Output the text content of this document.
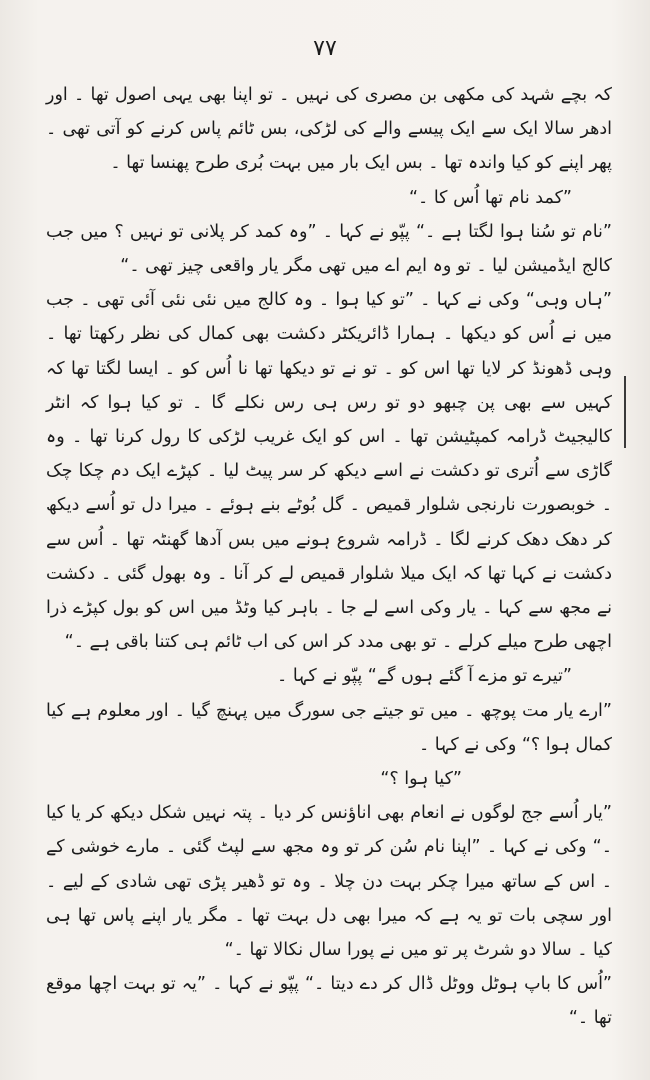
٧٧

کہ بچے شہد کی مکھی بن مصری کی نہیں ۔ تو اپنا بھی یہی اصول تھا ۔ اور ادھر سالا ایک سے ایک پیسے والے کی لڑکی، بس ٹائم پاس کرنے کو آتی تھی ۔ پھر اپنے کو کیا واندہ تھا ۔ بس ایک بار میں بہت بُری طرح پھنسا تھا ۔

”کمد نام تھا اُس کا ۔“

”نام تو سُنا ہوا لگتا ہے ۔“ پپّو نے کہا ۔ ”وہ کمد کر پلانی تو نہیں ؟ میں جب کالج ایڈمیشن لیا ۔ تو وہ ایم اے میں تھی مگر یار واقعی چیز تھی ۔“

”ہاں وہی“ وکی نے کہا ۔ ”تو کیا ہوا ۔ وہ کالج میں نئی نئی آئی تھی ۔ جب میں نے اُس کو دیکھا ۔ ہمارا ڈائریکٹر دکشت بھی کمال کی نظر رکھتا تھا ۔ وہی ڈھونڈ کر لایا تھا اس کو ۔ تو نے تو دیکھا تھا نا اُس کو ۔ ایسا لگتا تھا کہ کہیں سے بھی پن چبھو دو تو رس ہی رس نکلے گا ۔ تو کیا ہوا کہ انٹر کالیجیٹ ڈرامہ کمپٹیشن تھا ۔ اس کو ایک غریب لڑکی کا رول کرنا تھا ۔ وہ گاڑی سے اُتری تو دکشت نے اسے دیکھ کر سر پیٹ لیا ۔ کپڑے ایک دم چکا چک ۔ خوبصورت نارنجی شلوار قمیص ۔ گل بُوٹے بنے ہوئے ۔ میرا دل تو اُسے دیکھ کر دھک دھک کرنے لگا ۔ ڈرامہ شروع ہونے میں بس آدھا گھنٹہ تھا ۔ اُس سے دکشت نے کہا تھا کہ ایک میلا شلوار قمیص لے کر آنا ۔ وہ بھول گئی ۔ دکشت نے مجھ سے کہا ۔ یار وکی اسے لے جا ۔ باہر کیا وٹڈ میں اس کو بول کپڑے ذرا اچھی طرح میلے کرلے ۔ تو بھی مدد کر اس کی اب ٹائم ہی کتنا باقی ہے ۔“

”تیرے تو مزے آ گئے ہوں گے“ پپّو نے کہا ۔

”ارے یار مت پوچھ ۔ میں تو جیتے جی سورگ میں پہنچ گیا ۔ اور معلوم ہے کیا کمال ہوا ؟“ وکی نے کہا ۔

”کیا ہوا ؟“

”یار اُسے جج لوگوں نے انعام بھی اناؤنس کر دیا ۔ پتہ نہیں شکل دیکھ کر یا کیا ۔“ وکی نے کہا ۔ ”اپنا نام سُن کر تو وہ مجھ سے لپٹ گئی ۔ مارے خوشی کے ۔ اس کے ساتھ میرا چکر بہت دن چلا ۔ وہ تو ڈھیر پڑی تھی شادی کے لیے ۔ اور سچی بات تو یہ ہے کہ میرا بھی دل بہت تھا ۔ مگر یار اپنے پاس تھا ہی کیا ۔ سالا دو شرٹ پر تو میں نے پورا سال نکالا تھا ۔“

”اُس کا باپ ہوٹل ووٹل ڈال کر دے دیتا ۔“ پپّو نے کہا ۔ ”یہ تو بہت اچھا موقع تھا ۔“
